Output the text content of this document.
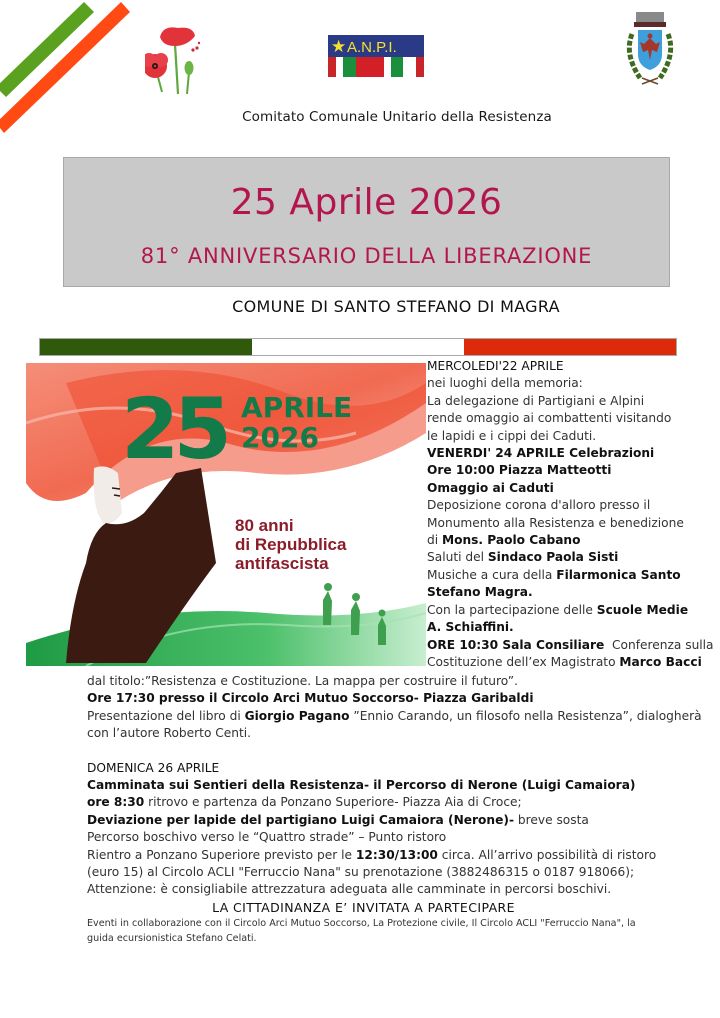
★ A.N.P.I.
Comitato Comunale Unitario della Resistenza
25 Aprile 2026
81° ANNIVERSARIO DELLA LIBERAZIONE
COMUNE DI SANTO STEFANO DI MAGRA
25 APRILE
2026
80 anni
di Repubblica
antifascista
MERCOLEDI'22 APRILE
nei luoghi della memoria:
La delegazione di Partigiani e Alpini
rende omaggio ai combattenti visitando
le lapidi e i cippi dei Caduti.
VENERDI' 24 APRILE Celebrazioni
Ore 10:00 Piazza Matteotti
Omaggio ai Caduti
Deposizione corona d'alloro presso il
Monumento alla Resistenza e benedizione
di Mons. Paolo Cabano
Saluti del Sindaco Paola Sisti
Musiche a cura della Filarmonica Santo
Stefano Magra.
Con la partecipazione delle Scuole Medie
A. Schiaffini.
ORE 10:30 Sala Consiliare  Conferenza sulla
Costituzione dell’ex Magistrato Marco Bacci
dal titolo:”Resistenza e Costituzione. La mappa per costruire il futuro”.
Ore 17:30 presso il Circolo Arci Mutuo Soccorso- Piazza Garibaldi
Presentazione del libro di Giorgio Pagano ”Ennio Carando, un filosofo nella Resistenza”, dialogherà
con l’autore Roberto Centi.
DOMENICA 26 APRILE
Camminata sui Sentieri della Resistenza- il Percorso di Nerone (Luigi Camaiora)
ore 8:30 ritrovo e partenza da Ponzano Superiore- Piazza Aia di Croce;
Deviazione per lapide del partigiano Luigi Camaiora (Nerone)- breve sosta
Percorso boschivo verso le “Quattro strade” – Punto ristoro
Rientro a Ponzano Superiore previsto per le 12:30/13:00 circa. All’arrivo possibilità di ristoro
(euro 15) al Circolo ACLI "Ferruccio Nana" su prenotazione (3882486315 o 0187 918066);
Attenzione: è consigliabile attrezzatura adeguata alle camminate in percorsi boschivi.
LA CITTADINANZA E’ INVITATA A PARTECIPARE
Eventi in collaborazione con il Circolo Arci Mutuo Soccorso, La Protezione civile, Il Circolo ACLI "Ferruccio Nana", la
guida ecursionistica Stefano Celati.
